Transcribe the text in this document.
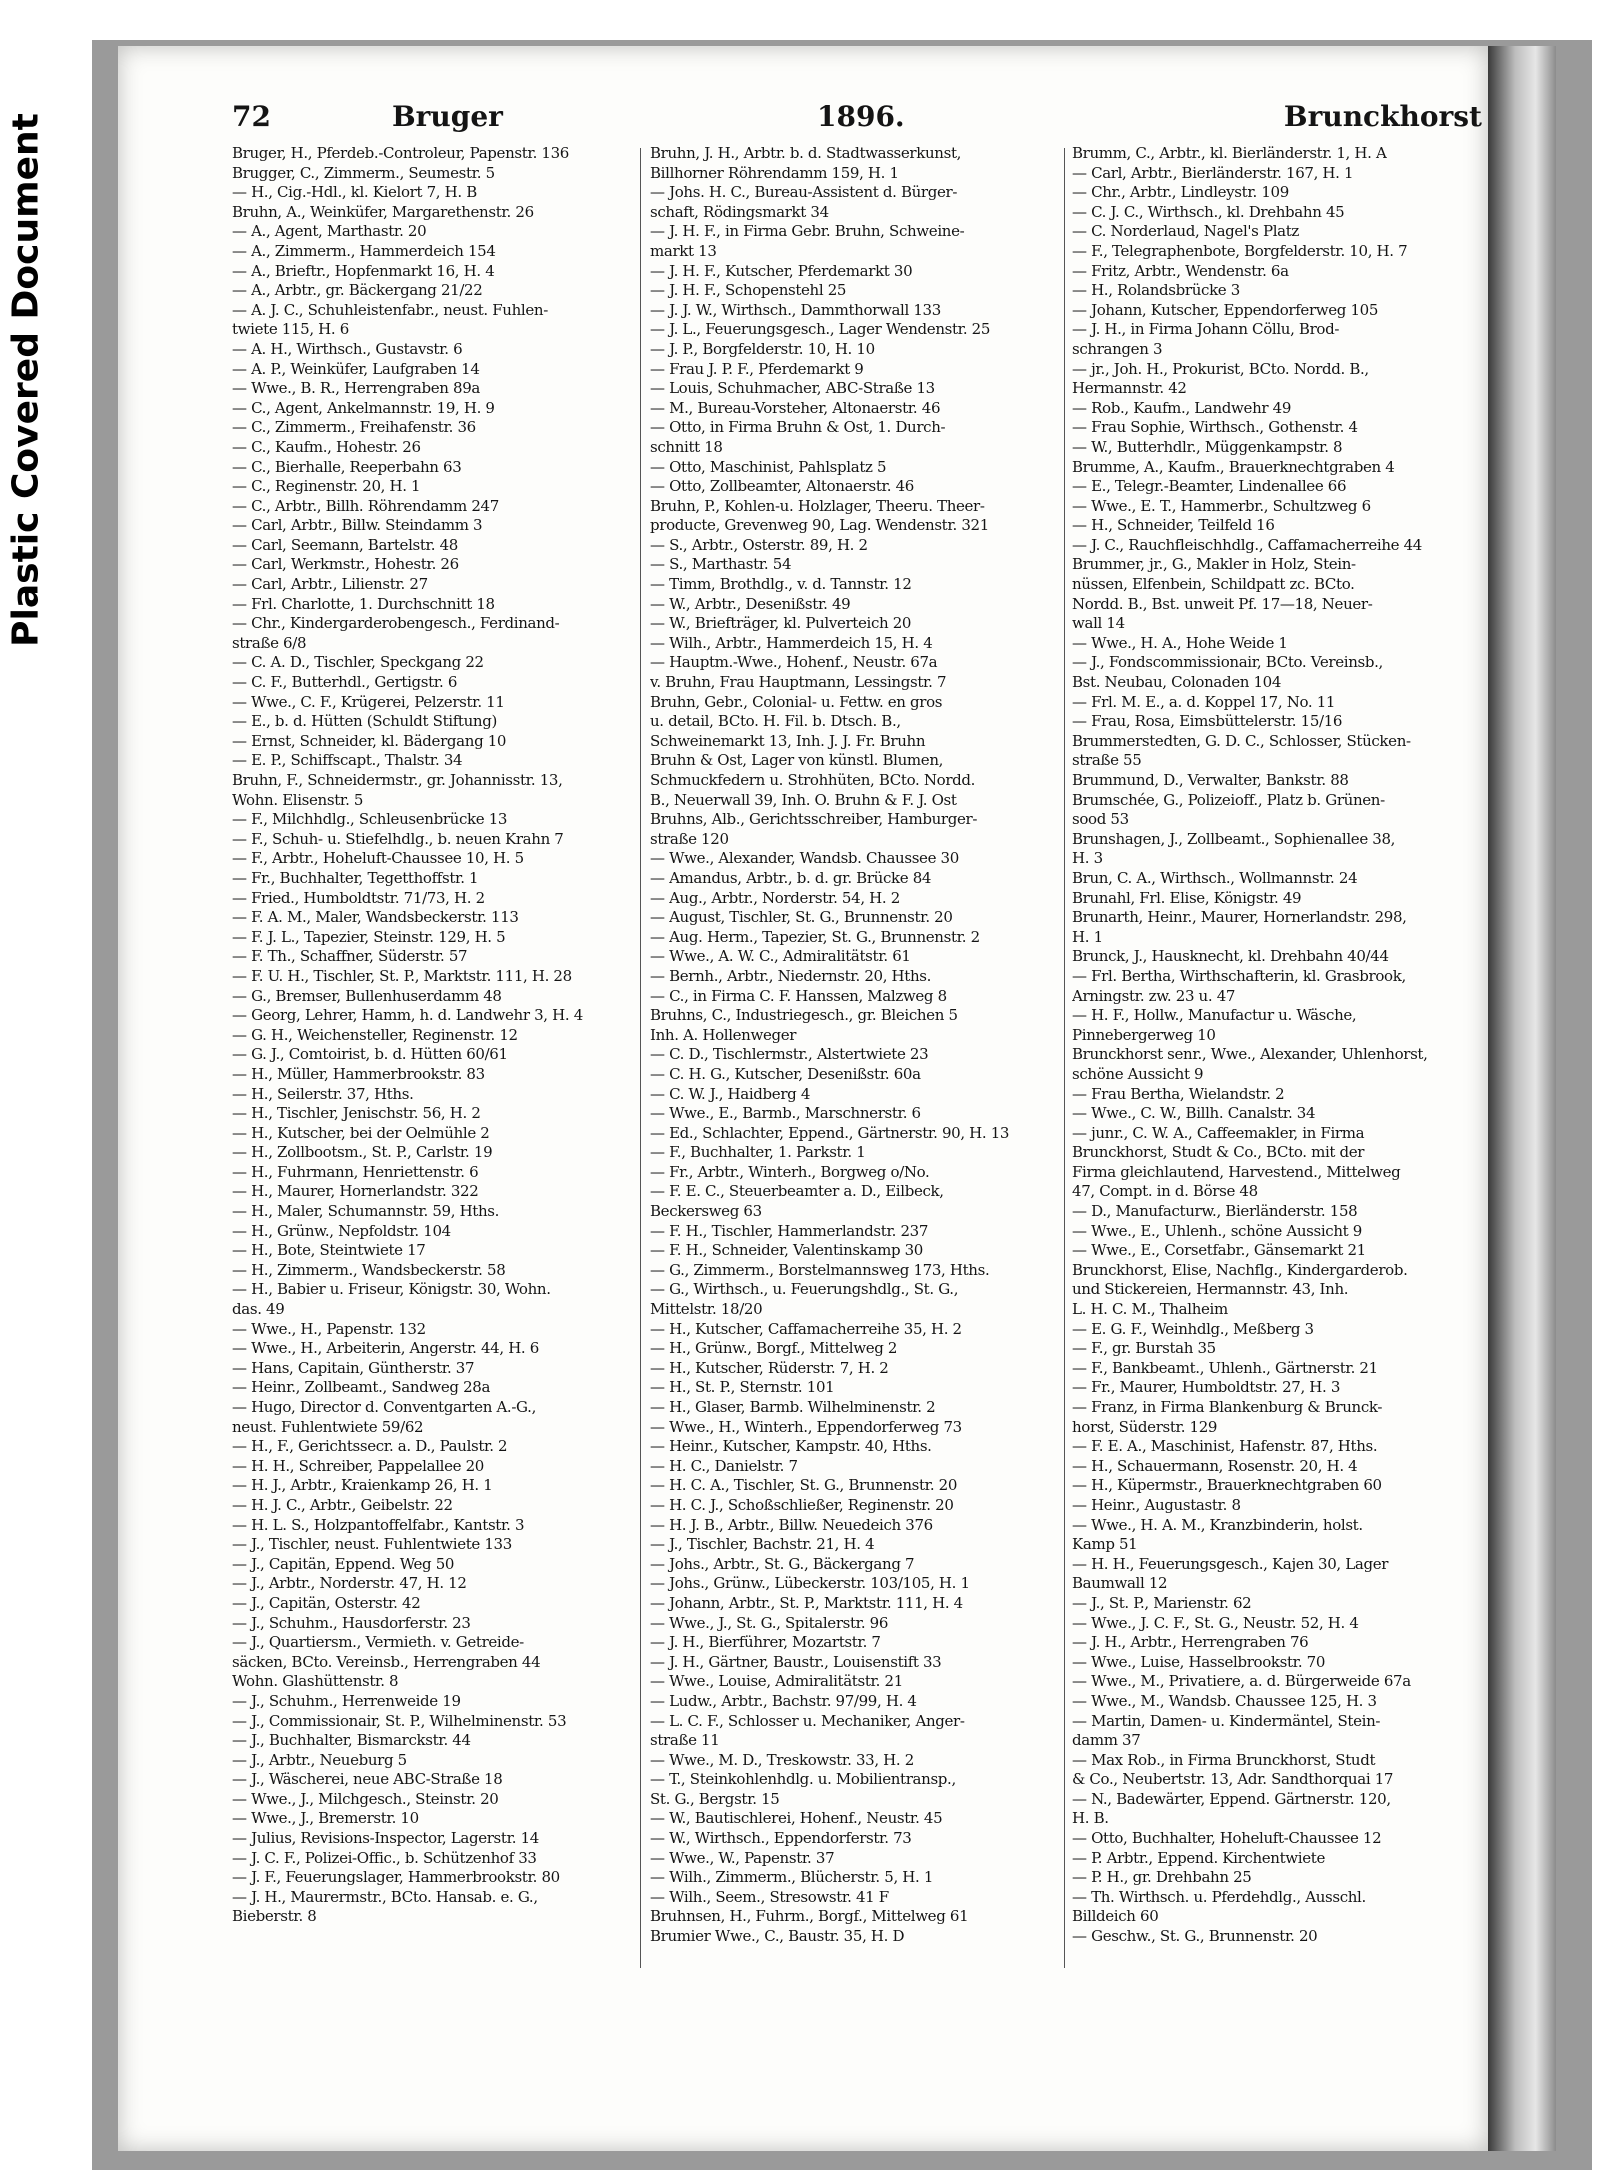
Plastic Covered Document	72	Bruger	1896.	Brunckhorst
Bruger, H., Pferdeb.-Controleur, Papenstr. 136
Brugger, C., Zimmerm., Seumestr. 5
— H., Cig.-Hdl., kl. Kielort 7, H. B
Bruhn, A., Weinküfer, Margarethenstr. 26
— A., Agent, Marthastr. 20
— A., Zimmerm., Hammerdeich 154
— A., Brieftr., Hopfenmarkt 16, H. 4
— A., Arbtr., gr. Bäckergang 21/22
— A. J. C., Schuhleistenfabr., neust. Fuhlen-
twiete 115, H. 6
— A. H., Wirthsch., Gustavstr. 6
— A. P., Weinküfer, Laufgraben 14
— Wwe., B. R., Herrengraben 89a
— C., Agent, Ankelmannstr. 19, H. 9
— C., Zimmerm., Freihafenstr. 36
— C., Kaufm., Hohestr. 26
— C., Bierhalle, Reeperbahn 63
— C., Reginenstr. 20, H. 1
— C., Arbtr., Billh. Röhrendamm 247
— Carl, Arbtr., Billw. Steindamm 3
— Carl, Seemann, Bartelstr. 48
— Carl, Werkmstr., Hohestr. 26
— Carl, Arbtr., Lilienstr. 27
— Frl. Charlotte, 1. Durchschnitt 18
— Chr., Kindergarderobengesch., Ferdinand-
straße 6/8
— C. A. D., Tischler, Speckgang 22
— C. F., Butterhdl., Gertigstr. 6
— Wwe., C. F., Krügerei, Pelzerstr. 11
— E., b. d. Hütten (Schuldt Stiftung)
— Ernst, Schneider, kl. Bädergang 10
— E. P., Schiffscapt., Thalstr. 34
Bruhn, F., Schneidermstr., gr. Johannisstr. 13,
Wohn. Elisenstr. 5
— F., Milchhdlg., Schleusenbrücke 13
— F., Schuh- u. Stiefelhdlg., b. neuen Krahn 7
— F., Arbtr., Hoheluft-Chaussee 10, H. 5
— Fr., Buchhalter, Tegetthoffstr. 1
— Fried., Humboldtstr. 71/73, H. 2
— F. A. M., Maler, Wandsbeckerstr. 113
— F. J. L., Tapezier, Steinstr. 129, H. 5
— F. Th., Schaffner, Süderstr. 57
— F. U. H., Tischler, St. P., Marktstr. 111, H. 28
— G., Bremser, Bullenhuserdamm 48
— Georg, Lehrer, Hamm, h. d. Landwehr 3, H. 4
— G. H., Weichensteller, Reginenstr. 12
— G. J., Comtoirist, b. d. Hütten 60/61
— H., Müller, Hammerbrookstr. 83
— H., Seilerstr. 37, Hths.
— H., Tischler, Jenischstr. 56, H. 2
— H., Kutscher, bei der Oelmühle 2
— H., Zollbootsm., St. P., Carlstr. 19
— H., Fuhrmann, Henriettenstr. 6
— H., Maurer, Hornerlandstr. 322
— H., Maler, Schumannstr. 59, Hths.
— H., Grünw., Nepfoldstr. 104
— H., Bote, Steintwiete 17
— H., Zimmerm., Wandsbeckerstr. 58
— H., Babier u. Friseur, Königstr. 30, Wohn.
das. 49
— Wwe., H., Papenstr. 132
— Wwe., H., Arbeiterin, Angerstr. 44, H. 6
— Hans, Capitain, Güntherstr. 37
— Heinr., Zollbeamt., Sandweg 28a
— Hugo, Director d. Conventgarten A.-G.,
neust. Fuhlentwiete 59/62
— H., F., Gerichtssecr. a. D., Paulstr. 2
— H. H., Schreiber, Pappelallee 20
— H. J., Arbtr., Kraienkamp 26, H. 1
— H. J. C., Arbtr., Geibelstr. 22
— H. L. S., Holzpantoffelfabr., Kantstr. 3
— J., Tischler, neust. Fuhlentwiete 133
— J., Capitän, Eppend. Weg 50
— J., Arbtr., Norderstr. 47, H. 12
— J., Capitän, Osterstr. 42
— J., Schuhm., Hausdorferstr. 23
— J., Quartiersm., Vermieth. v. Getreide-
säcken, BCto. Vereinsb., Herrengraben 44
Wohn. Glashüttenstr. 8
— J., Schuhm., Herrenweide 19
— J., Commissionair, St. P., Wilhelminenstr. 53
— J., Buchhalter, Bismarckstr. 44
— J., Arbtr., Neueburg 5
— J., Wäscherei, neue ABC-Straße 18
— Wwe., J., Milchgesch., Steinstr. 20
— Wwe., J., Bremerstr. 10
— Julius, Revisions-Inspector, Lagerstr. 14
— J. C. F., Polizei-Offic., b. Schützenhof 33
— J. F., Feuerungslager, Hammerbrookstr. 80
— J. H., Maurermstr., BCto. Hansab. e. G.,
Bieberstr. 8
Bruhn, J. H., Arbtr. b. d. Stadtwasserkunst,
Billhorner Röhrendamm 159, H. 1
— Johs. H. C., Bureau-Assistent d. Bürger-
schaft, Rödingsmarkt 34
— J. H. F., in Firma Gebr. Bruhn, Schweine-
markt 13
— J. H. F., Kutscher, Pferdemarkt 30
— J. H. F., Schopenstehl 25
— J. J. W., Wirthsch., Dammthorwall 133
— J. L., Feuerungsgesch., Lager Wendenstr. 25
— J. P., Borgfelderstr. 10, H. 10
— Frau J. P. F., Pferdemarkt 9
— Louis, Schuhmacher, ABC-Straße 13
— M., Bureau-Vorsteher, Altonaerstr. 46
— Otto, in Firma Bruhn & Ost, 1. Durch-
schnitt 18
— Otto, Maschinist, Pahlsplatz 5
— Otto, Zollbeamter, Altonaerstr. 46
Bruhn, P., Kohlen-u. Holzlager, Theeru. Theer-
producte, Grevenweg 90, Lag. Wendenstr. 321
— S., Arbtr., Osterstr. 89, H. 2
— S., Marthastr. 54
— Timm, Brothdlg., v. d. Tannstr. 12
— W., Arbtr., Desenißstr. 49
— W., Briefträger, kl. Pulverteich 20
— Wilh., Arbtr., Hammerdeich 15, H. 4
— Hauptm.-Wwe., Hohenf., Neustr. 67a
v. Bruhn, Frau Hauptmann, Lessingstr. 7
Bruhn, Gebr., Colonial- u. Fettw. en gros
u. detail, BCto. H. Fil. b. Dtsch. B.,
Schweinemarkt 13, Inh. J. J. Fr. Bruhn
Bruhn & Ost, Lager von künstl. Blumen,
Schmuckfedern u. Strohhüten, BCto. Nordd.
B., Neuerwall 39, Inh. O. Bruhn & F. J. Ost
Bruhns, Alb., Gerichtsschreiber, Hamburger-
straße 120
— Wwe., Alexander, Wandsb. Chaussee 30
— Amandus, Arbtr., b. d. gr. Brücke 84
— Aug., Arbtr., Norderstr. 54, H. 2
— August, Tischler, St. G., Brunnenstr. 20
— Aug. Herm., Tapezier, St. G., Brunnenstr. 2
— Wwe., A. W. C., Admiralitätstr. 61
— Bernh., Arbtr., Niedernstr. 20, Hths.
— C., in Firma C. F. Hanssen, Malzweg 8
Bruhns, C., Industriegesch., gr. Bleichen 5
Inh. A. Hollenweger
— C. D., Tischlermstr., Alstertwiete 23
— C. H. G., Kutscher, Desenißstr. 60a
— C. W. J., Haidberg 4
— Wwe., E., Barmb., Marschnerstr. 6
— Ed., Schlachter, Eppend., Gärtnerstr. 90, H. 13
— F., Buchhalter, 1. Parkstr. 1
— Fr., Arbtr., Winterh., Borgweg o/No.
— F. E. C., Steuerbeamter a. D., Eilbeck,
Beckersweg 63
— F. H., Tischler, Hammerlandstr. 237
— F. H., Schneider, Valentinskamp 30
— G., Zimmerm., Borstelmannsweg 173, Hths.
— G., Wirthsch., u. Feuerungshdlg., St. G.,
Mittelstr. 18/20
— H., Kutscher, Caffamacherreihe 35, H. 2
— H., Grünw., Borgf., Mittelweg 2
— H., Kutscher, Rüderstr. 7, H. 2
— H., St. P., Sternstr. 101
— H., Glaser, Barmb. Wilhelminenstr. 2
— Wwe., H., Winterh., Eppendorferweg 73
— Heinr., Kutscher, Kampstr. 40, Hths.
— H. C., Danielstr. 7
— H. C. A., Tischler, St. G., Brunnenstr. 20
— H. C. J., Schoßschließer, Reginenstr. 20
— H. J. B., Arbtr., Billw. Neuedeich 376
— J., Tischler, Bachstr. 21, H. 4
— Johs., Arbtr., St. G., Bäckergang 7
— Johs., Grünw., Lübeckerstr. 103/105, H. 1
— Johann, Arbtr., St. P., Marktstr. 111, H. 4
— Wwe., J., St. G., Spitalerstr. 96
— J. H., Bierführer, Mozartstr. 7
— J. H., Gärtner, Baustr., Louisenstift 33
— Wwe., Louise, Admiralitätstr. 21
— Ludw., Arbtr., Bachstr. 97/99, H. 4
— L. C. F., Schlosser u. Mechaniker, Anger-
straße 11
— Wwe., M. D., Treskowstr. 33, H. 2
— T., Steinkohlenhdlg. u. Mobilientransp.,
St. G., Bergstr. 15
— W., Bautischlerei, Hohenf., Neustr. 45
— W., Wirthsch., Eppendorferstr. 73
— Wwe., W., Papenstr. 37
— Wilh., Zimmerm., Blücherstr. 5, H. 1
— Wilh., Seem., Stresowstr. 41 F
Bruhnsen, H., Fuhrm., Borgf., Mittelweg 61
Brumier Wwe., C., Baustr. 35, H. D
Brumm, C., Arbtr., kl. Bierländerstr. 1, H. A
— Carl, Arbtr., Bierländerstr. 167, H. 1
— Chr., Arbtr., Lindleystr. 109
— C. J. C., Wirthsch., kl. Drehbahn 45
— C. Norderlaud, Nagel's Platz
— F., Telegraphenbote, Borgfelderstr. 10, H. 7
— Fritz, Arbtr., Wendenstr. 6a
— H., Rolandsbrücke 3
— Johann, Kutscher, Eppendorferweg 105
— J. H., in Firma Johann Cöllu, Brod-
schrangen 3
— jr., Joh. H., Prokurist, BCto. Nordd. B.,
Hermannstr. 42
— Rob., Kaufm., Landwehr 49
— Frau Sophie, Wirthsch., Gothenstr. 4
— W., Butterhdlr., Müggenkampstr. 8
Brumme, A., Kaufm., Brauerknechtgraben 4
— E., Telegr.-Beamter, Lindenallee 66
— Wwe., E. T., Hammerbr., Schultzweg 6
— H., Schneider, Teilfeld 16
— J. C., Rauchfleischhdlg., Caffamacherreihe 44
Brummer, jr., G., Makler in Holz, Stein-
nüssen, Elfenbein, Schildpatt zc. BCto.
Nordd. B., Bst. unweit Pf. 17—18, Neuer-
wall 14
— Wwe., H. A., Hohe Weide 1
— J., Fondscommissionair, BCto. Vereinsb.,
Bst. Neubau, Colonaden 104
— Frl. M. E., a. d. Koppel 17, No. 11
— Frau, Rosa, Eimsbüttelerstr. 15/16
Brummerstedten, G. D. C., Schlosser, Stücken-
straße 55
Brummund, D., Verwalter, Bankstr. 88
Brumschée, G., Polizeioff., Platz b. Grünen-
sood 53
Brunshagen, J., Zollbeamt., Sophienallee 38,
H. 3
Brun, C. A., Wirthsch., Wollmannstr. 24
Brunahl, Frl. Elise, Königstr. 49
Brunarth, Heinr., Maurer, Hornerlandstr. 298,
H. 1
Brunck, J., Hausknecht, kl. Drehbahn 40/44
— Frl. Bertha, Wirthschafterin, kl. Grasbrook,
Arningstr. zw. 23 u. 47
— H. F., Hollw., Manufactur u. Wäsche,
Pinnebergerweg 10
Brunckhorst senr., Wwe., Alexander, Uhlenhorst,
schöne Aussicht 9
— Frau Bertha, Wielandstr. 2
— Wwe., C. W., Billh. Canalstr. 34
— junr., C. W. A., Caffeemakler, in Firma
Brunckhorst, Studt & Co., BCto. mit der
Firma gleichlautend, Harvestend., Mittelweg
47, Compt. in d. Börse 48
— D., Manufacturw., Bierländerstr. 158
— Wwe., E., Uhlenh., schöne Aussicht 9
— Wwe., E., Corsetfabr., Gänsemarkt 21
Brunckhorst, Elise, Nachflg., Kindergarderob.
und Stickereien, Hermannstr. 43, Inh.
L. H. C. M., Thalheim
— E. G. F., Weinhdlg., Meßberg 3
— F., gr. Burstah 35
— F., Bankbeamt., Uhlenh., Gärtnerstr. 21
— Fr., Maurer, Humboldtstr. 27, H. 3
— Franz, in Firma Blankenburg & Brunck-
horst, Süderstr. 129
— F. E. A., Maschinist, Hafenstr. 87, Hths.
— H., Schauermann, Rosenstr. 20, H. 4
— H., Küpermstr., Brauerknechtgraben 60
— Heinr., Augustastr. 8
— Wwe., H. A. M., Kranzbinderin, holst.
Kamp 51
— H. H., Feuerungsgesch., Kajen 30, Lager
Baumwall 12
— J., St. P., Marienstr. 62
— Wwe., J. C. F., St. G., Neustr. 52, H. 4
— J. H., Arbtr., Herrengraben 76
— Wwe., Luise, Hasselbrookstr. 70
— Wwe., M., Privatiere, a. d. Bürgerweide 67a
— Wwe., M., Wandsb. Chaussee 125, H. 3
— Martin, Damen- u. Kindermäntel, Stein-
damm 37
— Max Rob., in Firma Brunckhorst, Studt
& Co., Neubertstr. 13, Adr. Sandthorquai 17
— N., Badewärter, Eppend. Gärtnerstr. 120,
H. B.
— Otto, Buchhalter, Hoheluft-Chaussee 12
— P. Arbtr., Eppend. Kirchentwiete
— P. H., gr. Drehbahn 25
— Th. Wirthsch. u. Pferdehdlg., Ausschl.
Billdeich 60
— Geschw., St. G., Brunnenstr. 20
